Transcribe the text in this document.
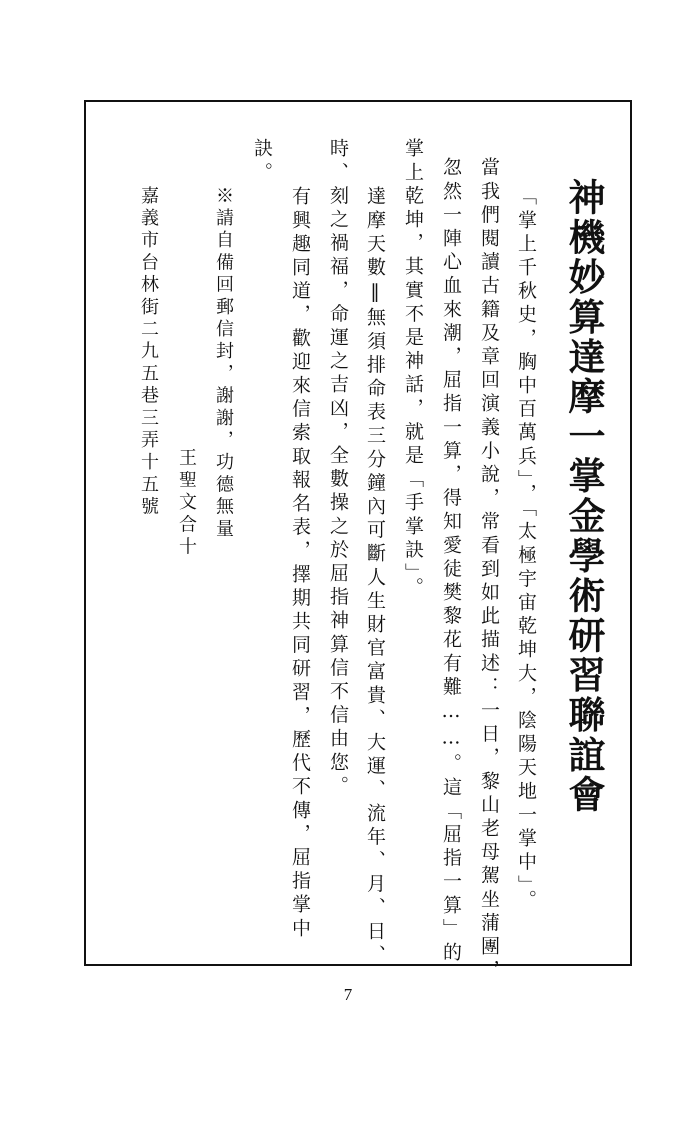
神機妙算達摩一掌金學術研習聯誼會
「掌上千秋史，胸中百萬兵」，「太極宇宙乾坤大，陰陽天地一掌中」。
當我們閱讀古籍及章回演義小說，常看到如此描述：一日，黎山老母駕坐蒲團，
忽然一陣心血來潮，屈指一算，得知愛徒樊黎花有難……。這「屈指一算」的
掌上乾坤，其實不是神話，就是「手掌訣」。
達摩天數‖無須排命表三分鐘內可斷人生財官富貴、大運、流年、月、日、
時、刻之禍福，命運之吉凶，全數操之於屈指神算信不信由您。
有興趣同道，歡迎來信索取報名表，擇期共同研習，歷代不傳，屈指掌中
訣。
※請自備回郵信封，謝謝，功德無量
王聖文合十
嘉義市台林街二九五巷三弄十五號
7
